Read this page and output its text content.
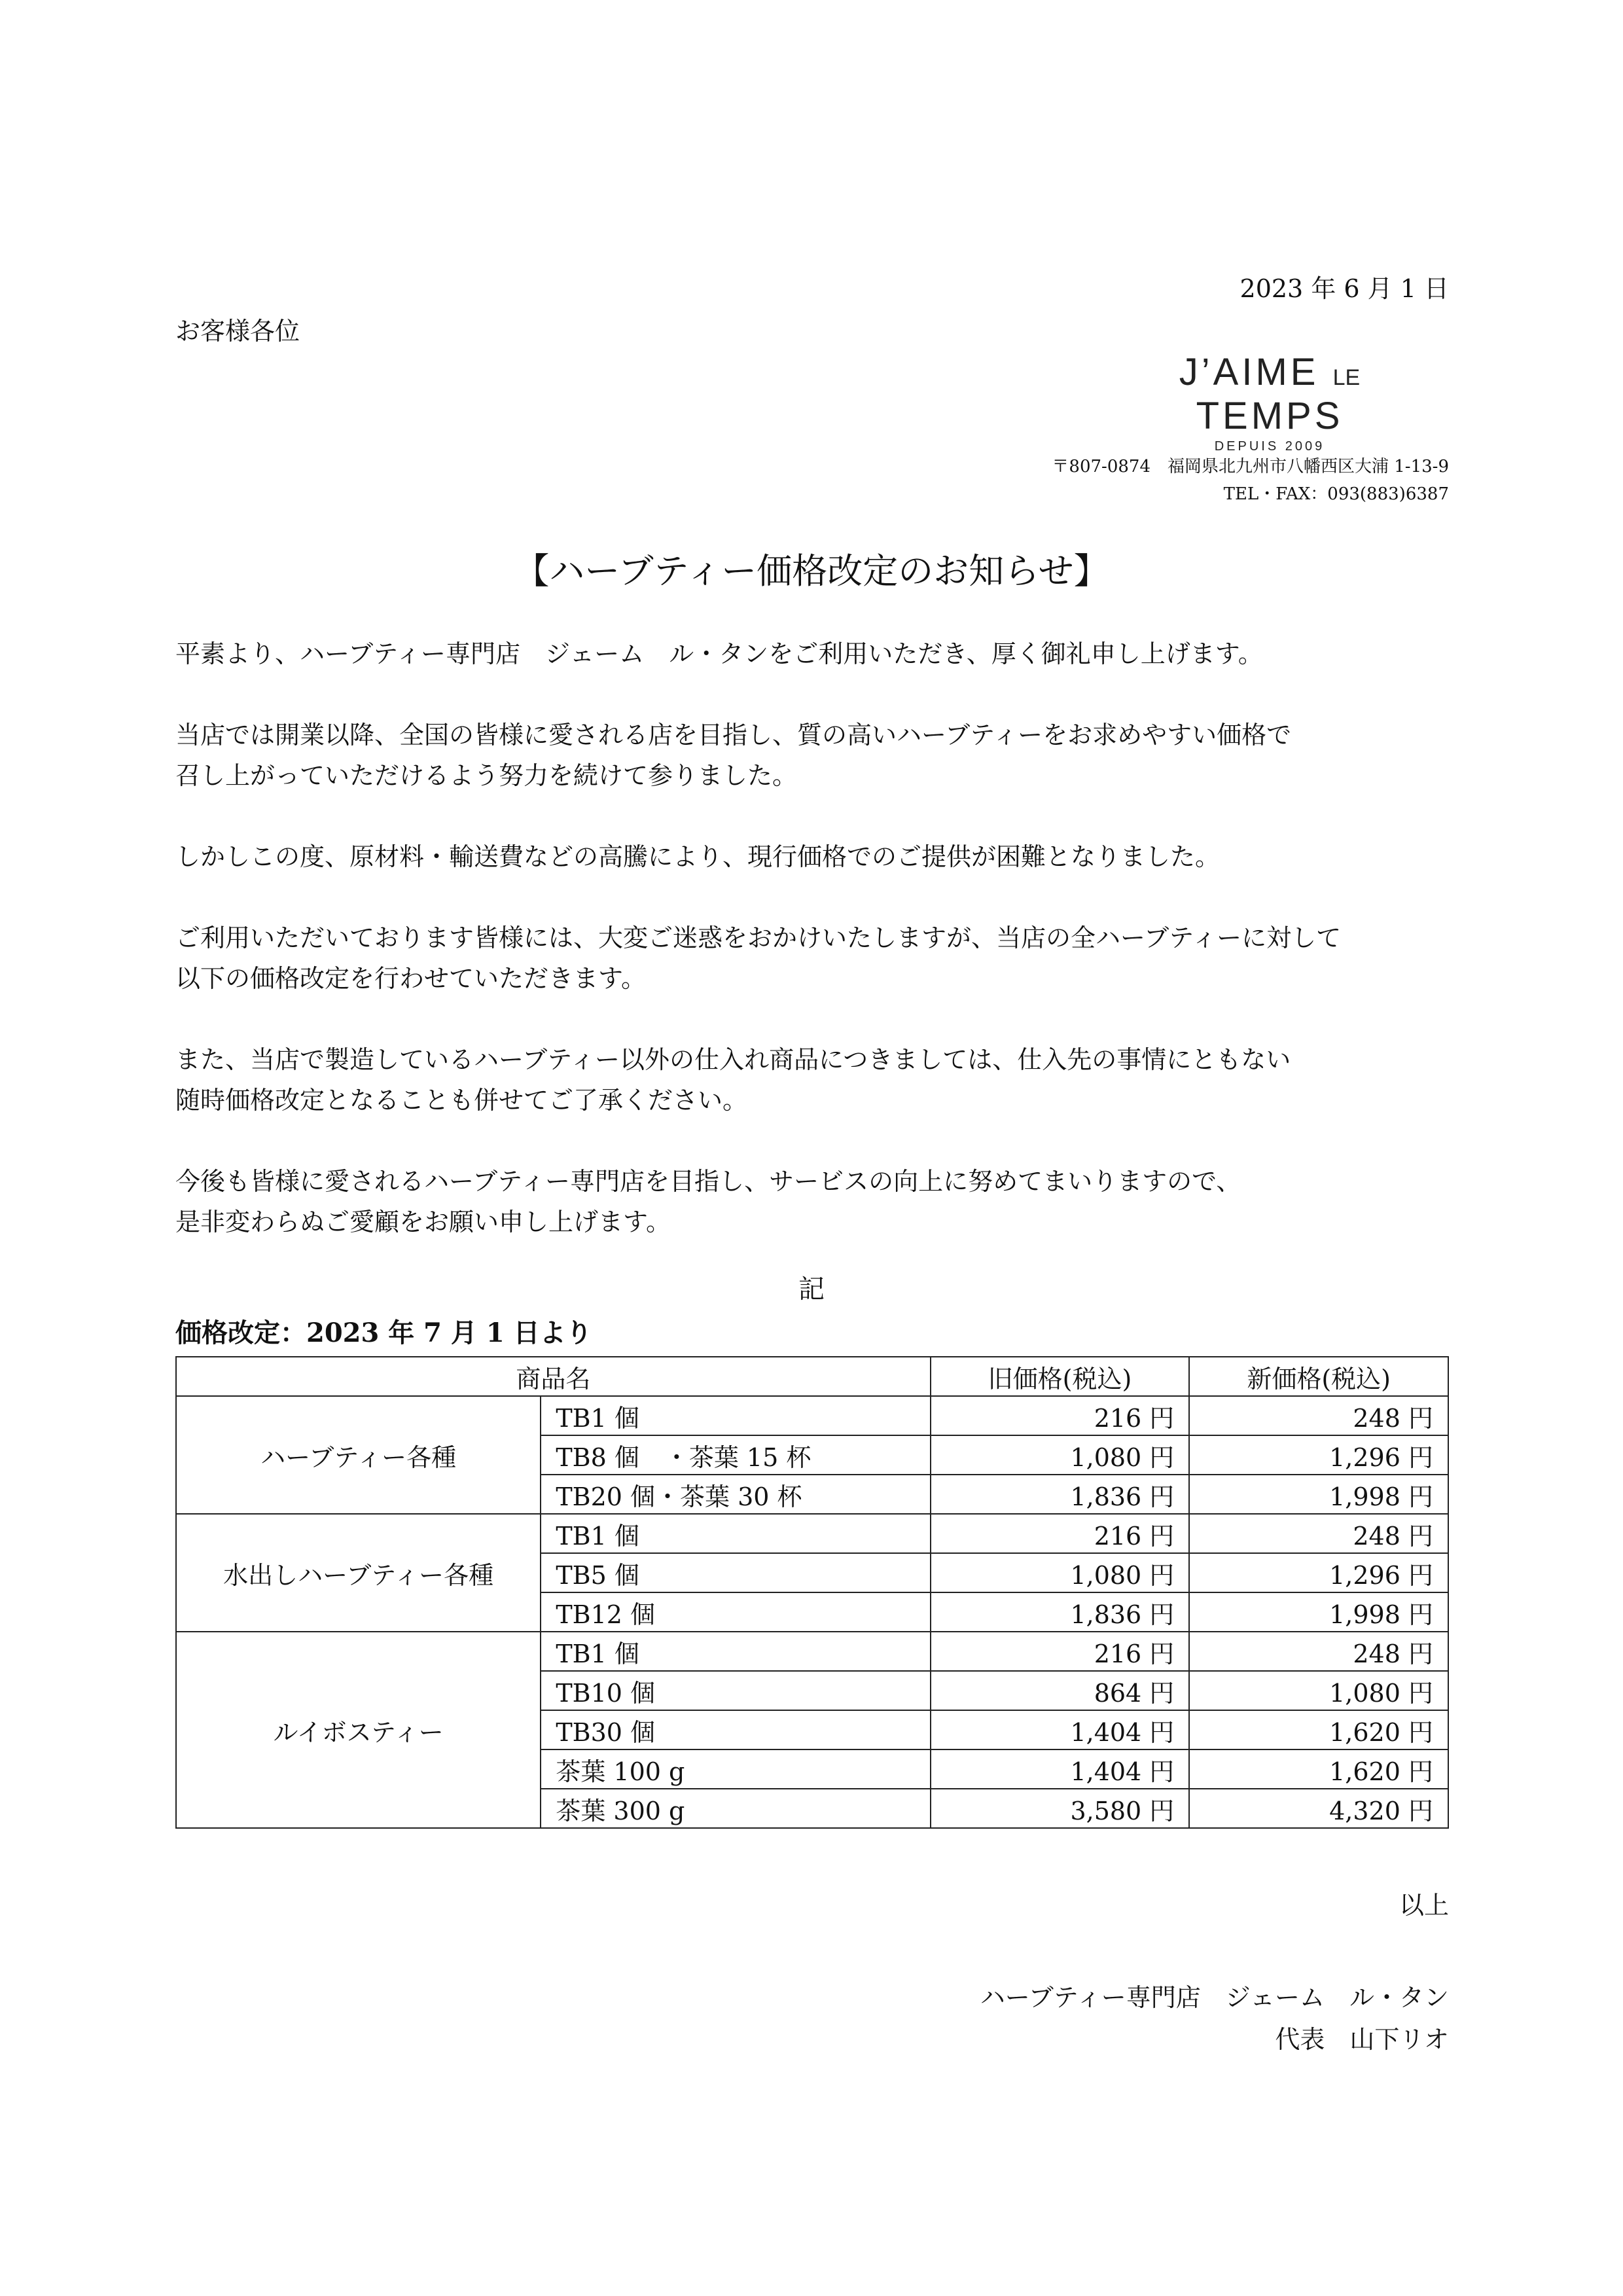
2023 年 6 月 1 日
お客様各位
J’AIME LE TEMPS
DEPUIS 2009
〒807-0874　福岡県北九州市八幡西区大浦 1-13-9
TEL・FAX：093(883)6387
【ハーブティー価格改定のお知らせ】

平素より、ハーブティー専門店　ジェーム　ル・タンをご利用いただき、厚く御礼申し上げます。

当店では開業以降、全国の皆様に愛される店を目指し、質の高いハーブティーをお求めやすい価格で
召し上がっていただけるよう努力を続けて参りました。

しかしこの度、原材料・輸送費などの高騰により、現行価格でのご提供が困難となりました。

ご利用いただいております皆様には、大変ご迷惑をおかけいたしますが、当店の全ハーブティーに対して
以下の価格改定を行わせていただきます。

また、当店で製造しているハーブティー以外の仕入れ商品につきましては、仕入先の事情にともない
随時価格改定となることも併せてご了承ください。

今後も皆様に愛されるハーブティー専門店を目指し、サービスの向上に努めてまいりますので、
是非変わらぬご愛顧をお願い申し上げます。

記
価格改定：2023 年 7 月 1 日より
商品名		旧価格(税込)	新価格(税込)
ハーブティー各種	TB1 個	216 円	248 円
	TB8 個　・茶葉 15 杯	1,080 円	1,296 円
	TB20 個・茶葉 30 杯	1,836 円	1,998 円
水出しハーブティー各種	TB1 個	216 円	248 円
	TB5 個	1,080 円	1,296 円
	TB12 個	1,836 円	1,998 円
ルイボスティー	TB1 個	216 円	248 円
	TB10 個	864 円	1,080 円
	TB30 個	1,404 円	1,620 円
	茶葉 100 g	1,404 円	1,620 円
	茶葉 300 g	3,580 円	4,320 円
以上
ハーブティー専門店　ジェーム　ル・タン
代表　山下リオ
